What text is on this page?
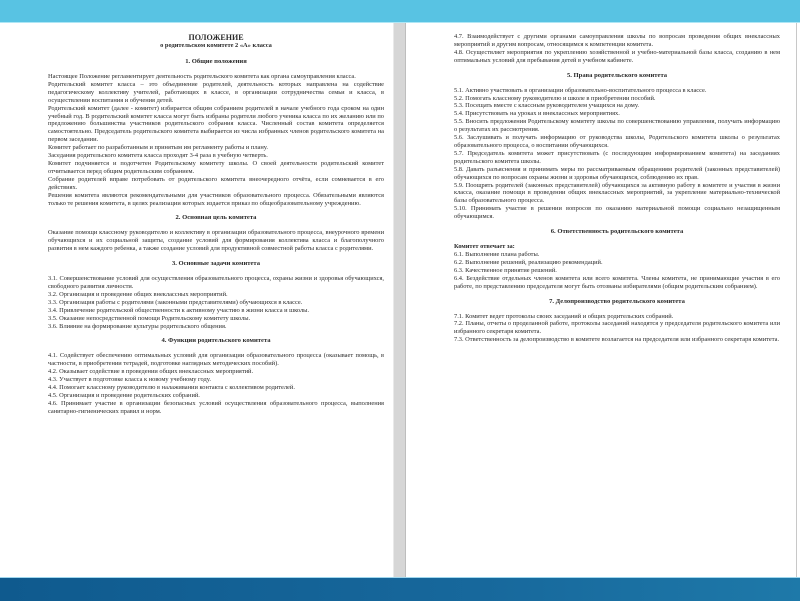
ПОЛОЖЕНИЕ

о родительском комитете 2 «А» класса

1. Общие положения

Настоящее Положение регламентирует деятельность родительского комитета как органа самоуправления класса.

Родительский комитет класса – это объединение родителей, деятельность которых направлена на содействие педагогическому коллективу учителей, работающих в классе, в организации сотрудничества семьи и класса, в осуществлении воспитания и обучения детей.

Родительский комитет (далее - комитет) избирается общим собранием родителей в начале учебного года сроком на один учебный год. В родительский комитет класса могут быть избраны родители любого ученика класса по их желанию или по предложению большинства участников родительского собрания класса. Численный состав комитета определяется самостоятельно. Председатель родительского комитета выбирается из числа избранных членов родительского комитета на первом заседании.

Комитет работает по разработанным и принятым им регламенту работы и плану.

Заседания родительского комитета класса проходят 3-4 раза в учебную четверть.

Комитет подчиняется и подотчетен Родительскому комитету школы. О своей деятельности родительский комитет отчитывается перед общим родительским собранием.

Собрание родителей вправе потребовать от родительского комитета внеочередного отчёта, если сомневается в его действиях.

Решения комитета являются рекомендательными для участников образовательного процесса. Обязательными являются только те решения комитета, в целях реализации которых издается приказ по общеобразовательному учреждению.

2. Основная цель комитета

Оказание помощи классному руководителю и коллективу в организации образовательного процесса, внеурочного времени обучающихся и их социальной защиты, создание условий для формирования коллектива класса и благополучного развития в нем каждого ребенка, а также создание условий для продуктивной совместной работы класса с родителями.

3. Основные задачи комитета

3.1. Совершенствование условий для осуществления образовательного процесса, охраны жизни и здоровья обучающихся, свободного развития личности.

3.2. Организация и проведение общих внеклассных мероприятий.

3.3. Организация работы с родителями (законными представителями) обучающихся в классе.

3.4. Привлечение родительской общественности к активному участию в жизни класса и школы.

3.5. Оказание непосредственной помощи Родительскому комитету школы.

3.6. Влияние на формирование культуры родительского общения.

4. Функции родительского комитета

4.1. Содействует обеспечению оптимальных условий для организации образовательного процесса (оказывает помощь, в частности, в приобретении тетрадей, подготовке наглядных методических пособий).

4.2. Оказывает содействие в проведении общих внеклассных мероприятий.

4.3. Участвует в подготовке класса к новому учебному году.

4.4. Помогает классному руководителю в налаживании контакта с коллективом родителей.

4.5. Организация и проведение родительских собраний.

4.6. Принимает участие в организации безопасных условий осуществления образовательного процесса, выполнения санитарно-гигиенических правил и норм.

4.7. Взаимодействует с другими органами самоуправления школы по вопросам проведения общих внеклассных мероприятий и другим вопросам, относящимся к компетенции комитета.

4.8. Осуществляет мероприятия по укреплению хозяйственной и учебно-материальной базы класса, созданию в нем оптимальных условий для пребывания детей в учебном кабинете.

5. Права родительского комитета

5.1. Активно участвовать в организации образовательно-воспитательного процесса в классе.

5.2. Помогать классному руководителю и школе в приобретении пособий.

5.3. Посещать вместе с классным руководителем учащихся на дому.

5.4. Присутствовать на уроках и внеклассных мероприятиях.

5.5. Вносить предложения Родительскому комитету школы по совершенствованию управления, получать информацию о результатах их рассмотрения.

5.6. Заслушивать и получать информацию от руководства школы, Родительского комитета школы о результатах образовательного процесса, о воспитании обучающихся.

5.7. Председатель комитета может присутствовать (с последующим информированием комитета) на заседаниях родительского комитета школы.

5.8. Давать разъяснения и принимать меры по рассматриваемым обращениям родителей (законных представителей) обучающихся по вопросам охраны жизни и здоровья обучающихся, соблюдению их прав.

5.9. Поощрять родителей (законных представителей) обучающихся за активную работу в комитете и участия в жизни класса, оказание помощи в проведении общих внеклассных мероприятий, за укрепление материально-технической базы образовательного процесса.

5.10. Принимать участие в решении вопросов по оказанию материальной помощи социально незащищенным обучающимся.

6. Ответственность родительского комитета

Комитет отвечает за:

6.1. Выполнение плана работы.

6.2. Выполнение решений, реализацию рекомендаций.

6.3. Качественное принятие решений.

6.4. Бездействие отдельных членов комитета или всего комитета. Члены комитета, не принимающие участия в его работе, по представлению председателя могут быть отозваны избирателями (общим родительским собранием).

7. Делопроизводство родительского комитета

7.1. Комитет ведет протоколы своих заседаний и общих родительских собраний.

7.2. Планы, отчеты о проделанной работе, протоколы заседаний находятся у председателя родительского комитета или избранного секретаря комитета.

7.3. Ответственность за делопроизводство в комитете возлагается на председателя или избранного секретаря комитета.
